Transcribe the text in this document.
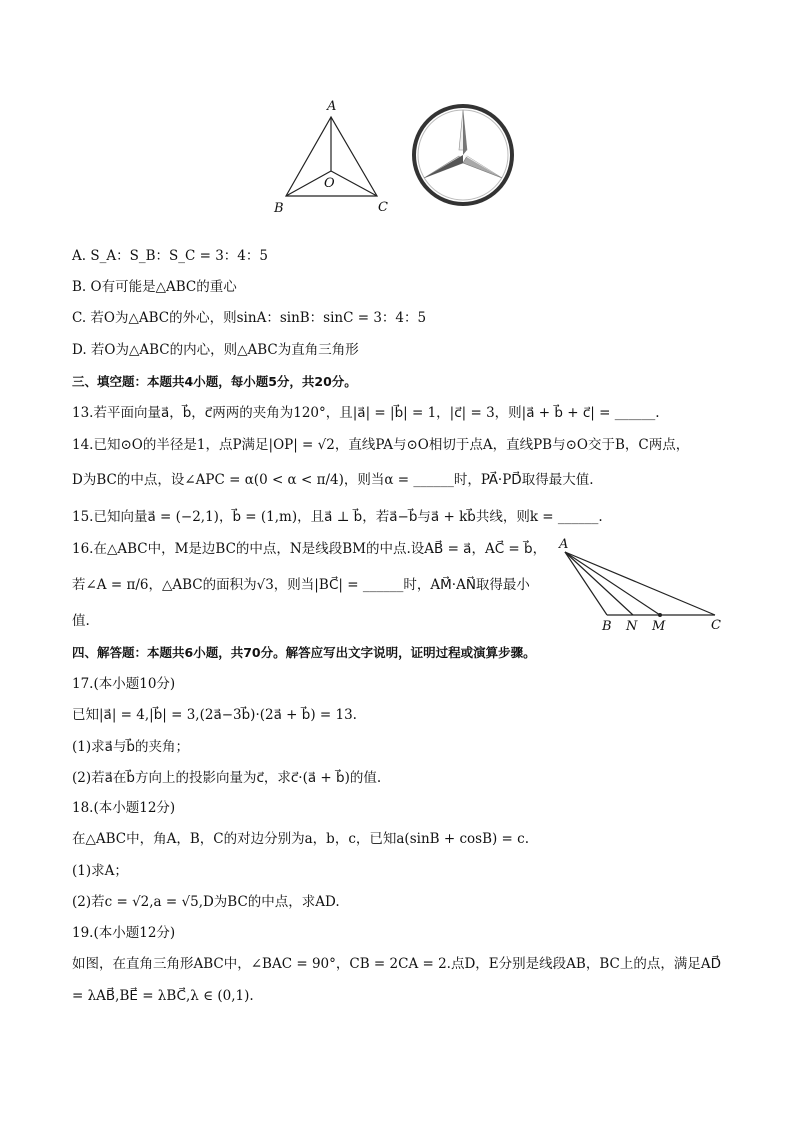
A
B	C
O
A. S_A：S_B：S_C = 3：4：5
B. O有可能是△ABC的重心
C. 若O为△ABC的外心，则sinA：sinB：sinC = 3：4：5
D. 若O为△ABC的内心，则△ABC为直角三角形
三、填空题：本题共4小题，每小题5分，共20分。
13.若平面向量a⃗，b⃗，c⃗两两的夹角为120°，且|a⃗| = |b⃗| = 1，|c⃗| = 3，则|a⃗ + b⃗ + c⃗| = ______.
14.已知⊙O的半径是1，点P满足|OP| = √2，直线PA与⊙O相切于点A，直线PB与⊙O交于B，C两点，
D为BC的中点，设∠APC = α(0 < α < π/4)，则当α = ______时，PA⃗·PD⃗取得最大值.
15.已知向量a⃗ = (−2,1)，b⃗ = (1,m)，且a⃗ ⊥ b⃗，若a⃗−b⃗与a⃗ + kb⃗共线，则k = ______.
16.在△ABC中，M是边BC的中点，N是线段BM的中点.设AB⃗ = a⃗，AC⃗ = b⃗，
若∠A = π/6，△ABC的面积为√3，则当|BC⃗| = ______时，AM⃗·AN⃗取得最小
值.
四、解答题：本题共6小题，共70分。解答应写出文字说明，证明过程或演算步骤。
17.(本小题10分)
已知|a⃗| = 4,|b⃗| = 3,(2a⃗−3b⃗)·(2a⃗ + b⃗) = 13.
(1)求a⃗与b⃗的夹角；
(2)若a⃗在b⃗方向上的投影向量为c⃗，求c⃗·(a⃗ + b⃗)的值.
18.(本小题12分)
在△ABC中，角A，B，C的对边分别为a，b，c，已知a(sinB + cosB) = c.
(1)求A；
(2)若c = √2,a = √5,D为BC的中点，求AD.
19.(本小题12分)
如图，在直角三角形ABC中，∠BAC = 90°，CB = 2CA = 2.点D，E分别是线段AB，BC上的点，满足AD⃗
= λAB⃗,BE⃗ = λBC⃗,λ ∈ (0,1).
A
B N M	C
